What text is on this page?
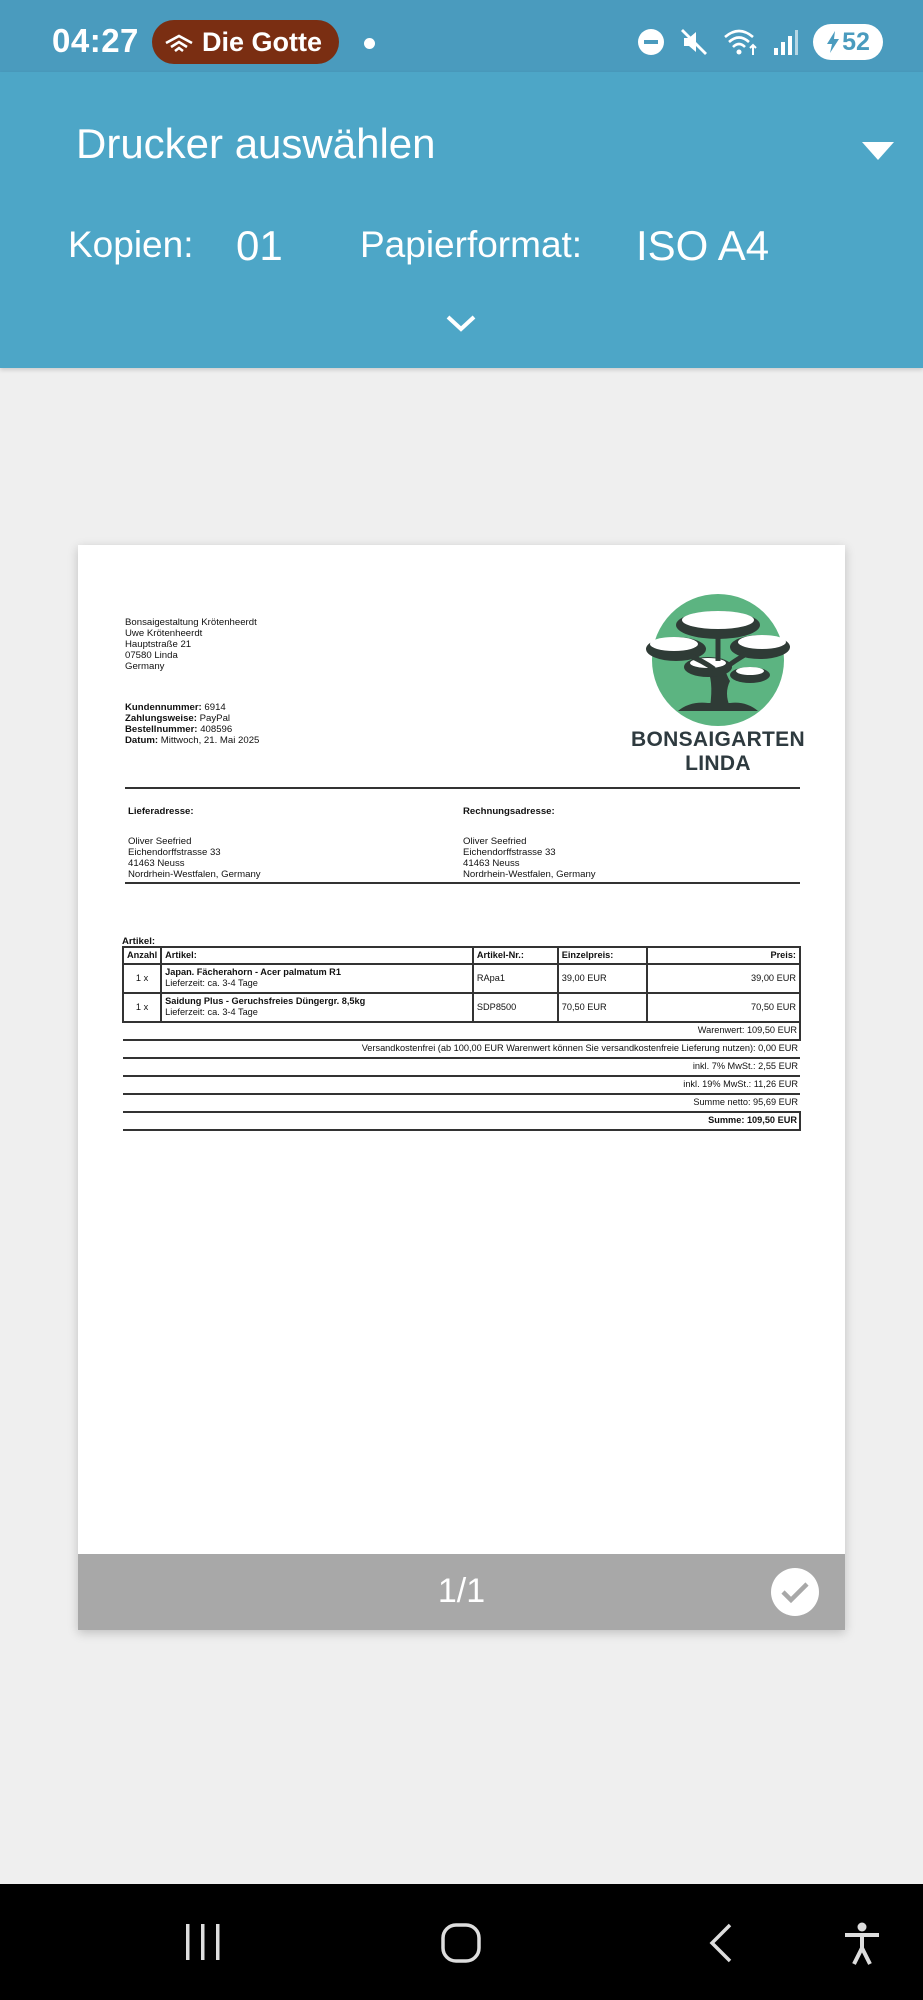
04:27 Die Gotte	52
Drucker auswählen
Kopien: 01 Papierformat: ISO A4
Bonsaigestaltung Krötenheerdt
Uwe Krötenheerdt
Hauptstraße 21
07580 Linda
Germany
Kundennummer: 6914
Zahlungsweise: PayPal
Bestellnummer: 408596
Datum: Mittwoch, 21. Mai 2025	BONSAIGARTEN LINDA
Lieferadresse:
Oliver Seefried
Eichendorffstrasse 33
41463 Neuss
Nordrhein-Westfalen, Germany
Rechnungsadresse:
Oliver Seefried
Eichendorffstrasse 33
41463 Neuss
Nordrhein-Westfalen, Germany
Artikel:
Anzahl	Artikel:	Artikel-Nr.:	Einzelpreis:	Preis:
1 x	Japan. Fächerahorn - Acer palmatum R1
Lieferzeit: ca. 3-4 Tage	RApa1	39,00 EUR	39,00 EUR
1 x	Saidung Plus - Geruchsfreies Düngergr. 8,5kg
Lieferzeit: ca. 3-4 Tage	SDP8500	70,50 EUR	70,50 EUR
Warenwert: 109,50 EUR				
Versandkostenfrei (ab 100,00 EUR Warenwert können Sie versandkostenfreie Lieferung nutzen): 0,00 EUR				
inkl. 7% MwSt.: 2,55 EUR				
inkl. 19% MwSt.: 11,26 EUR				
Summe netto: 95,69 EUR				
Summe: 109,50 EUR				
1/1
